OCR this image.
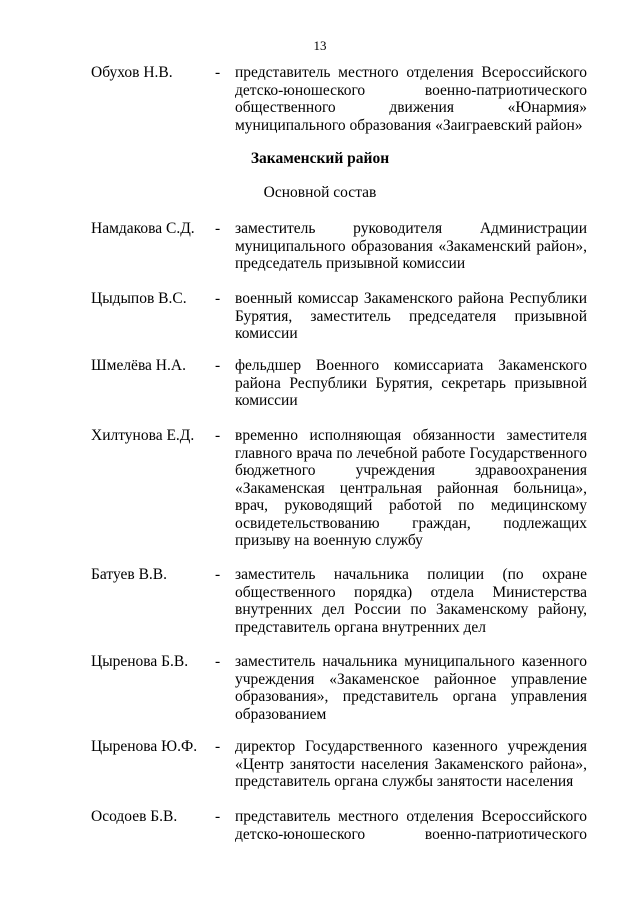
13
Обухов Н.В.	- представитель местного отделения Всероссийского детско-юношеского военно-патриотического общественного движения «Юнармия» муниципального образования «Заиграевский район»
Закаменский район
Основной состав
Намдакова С.Д. - заместитель руководителя Администрации муниципального образования «Закаменский район», председатель призывной комиссии
Цыдыпов В.С. - военный комиссар Закаменского района Республики Бурятия, заместитель председателя призывной комиссии
Шмелёва Н.А. - фельдшер Военного комиссариата Закаменского района Республики Бурятия, секретарь призывной комиссии
Хилтунова Е.Д. - временно исполняющая обязанности заместителя главного врача по лечебной работе Государственного бюджетного учреждения здравоохранения «Закаменская центральная районная больница», врач, руководящий работой по медицинскому освидетельствованию граждан, подлежащих призыву на военную службу
Батуев В.В.	- заместитель начальника полиции (по охране общественного порядка) отдела Министерства внутренних дел России по Закаменскому району, представитель органа внутренних дел
Цыренова Б.В. - заместитель начальника муниципального казенного учреждения «Закаменское районное управление образования», представитель органа управления образованием
Цыренова Ю.Ф. - директор Государственного казенного учреждения «Центр занятости населения Закаменского района», представитель органа службы занятости населения
Осодоев Б.В. - представитель местного отделения Всероссийского детско-юношеского военно-патриотического
